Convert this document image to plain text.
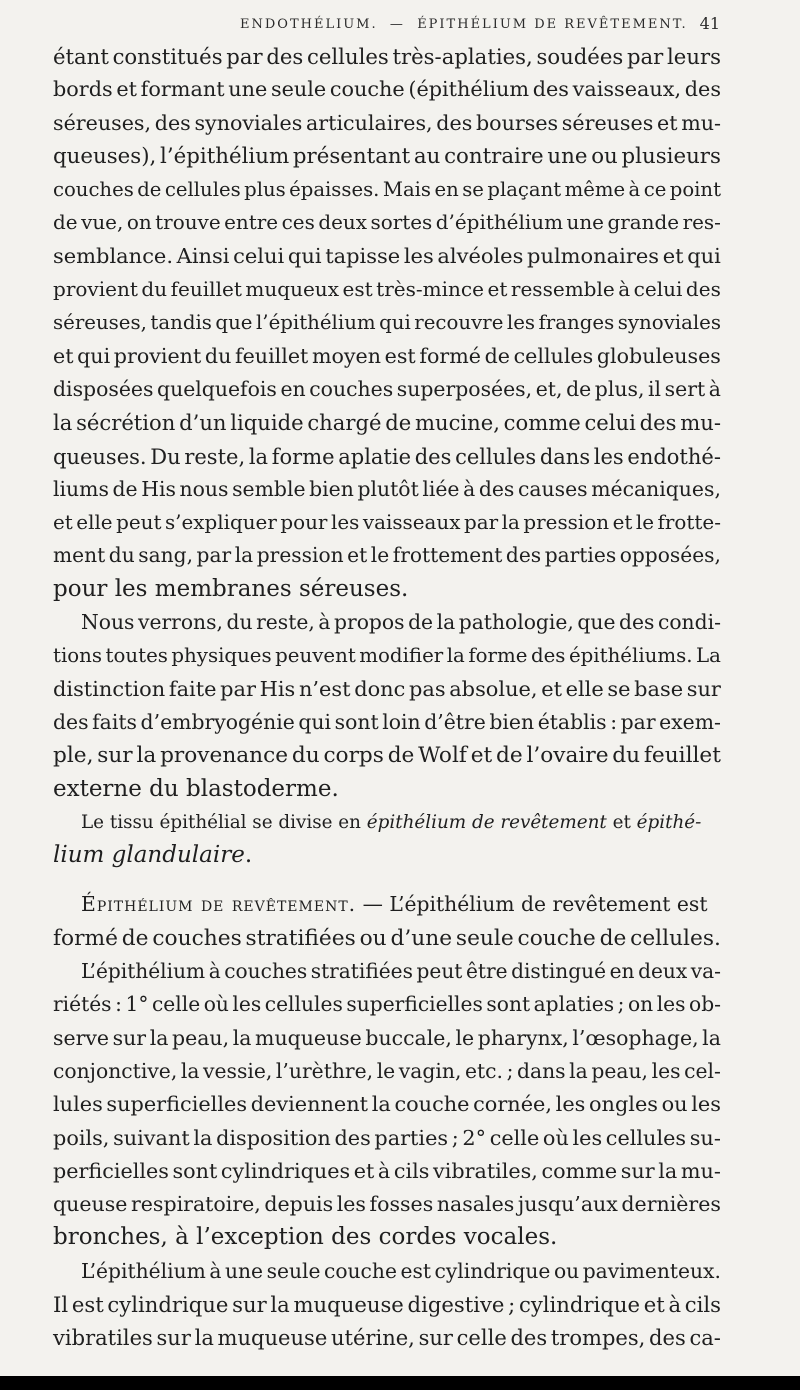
ENDOTHÉLIUM. — ÉPITHÉLIUM DE REVÊTEMENT. 41
étant constitués par des cellules très-aplaties, soudées par leurs
bords et formant une seule couche (épithélium des vaisseaux, des
séreuses, des synoviales articulaires, des bourses séreuses et mu-
queuses), l’épithélium présentant au contraire une ou plusieurs
couches de cellules plus épaisses. Mais en se plaçant même à ce point
de vue, on trouve entre ces deux sortes d’épithélium une grande res-
semblance. Ainsi celui qui tapisse les alvéoles pulmonaires et qui
provient du feuillet muqueux est très-mince et ressemble à celui des
séreuses, tandis que l’épithélium qui recouvre les franges synoviales
et qui provient du feuillet moyen est formé de cellules globuleuses
disposées quelquefois en couches superposées, et, de plus, il sert à
la sécrétion d’un liquide chargé de mucine, comme celui des mu-
queuses. Du reste, la forme aplatie des cellules dans les endothé-
liums de His nous semble bien plutôt liée à des causes mécaniques,
et elle peut s’expliquer pour les vaisseaux par la pression et le frotte-
ment du sang, par la pression et le frottement des parties opposées,
pour les membranes séreuses.
Nous verrons, du reste, à propos de la pathologie, que des condi-
tions toutes physiques peuvent modifier la forme des épithéliums. La
distinction faite par His n’est donc pas absolue, et elle se base sur
des faits d’embryogénie qui sont loin d’être bien établis : par exem-
ple, sur la provenance du corps de Wolf et de l’ovaire du feuillet
externe du blastoderme.
Le tissu épithélial se divise en
épithélium de revêtement
et
épithé-
lium glandulaire .
Épithélium de revêtement.
—
L’épithélium de revêtement est
formé de couches stratifiées ou d’une seule couche de cellules.
L’épithélium à couches stratifiées peut être distingué en deux va-
riétés : 1° celle où les cellules superficielles sont aplaties ; on les ob-
serve sur la peau, la muqueuse buccale, le pharynx, l’œsophage, la
conjonctive, la vessie, l’urèthre, le vagin, etc. ; dans la peau, les cel-
lules superficielles deviennent la couche cornée, les ongles ou les
poils, suivant la disposition des parties ; 2° celle où les cellules su-
perficielles sont cylindriques et à cils vibratiles, comme sur la mu-
queuse respiratoire, depuis les fosses nasales jusqu’aux dernières
bronches, à l’exception des cordes vocales.
L’épithélium à une seule couche est cylindrique ou pavimenteux.
Il est cylindrique sur la muqueuse digestive ; cylindrique et à cils
vibratiles sur la muqueuse utérine, sur celle des trompes, des ca-
